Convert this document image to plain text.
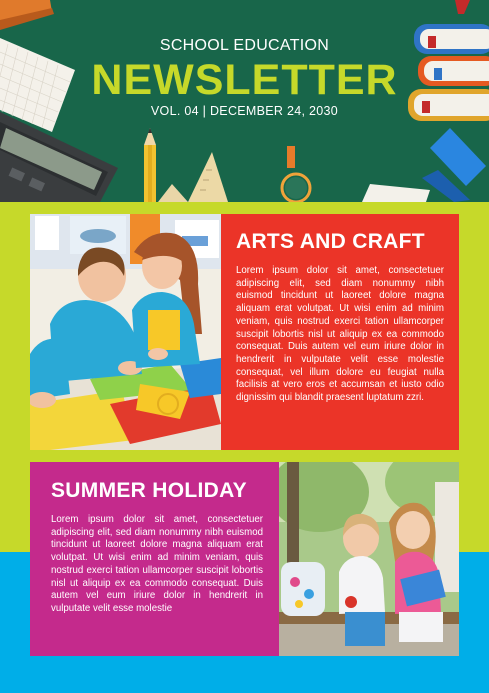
SCHOOL EDUCATION
NEWSLETTER
VOL. 04 | DECEMBER 24, 2030
ARTS AND CRAFT

Lorem ipsum dolor sit amet, consectetuer adipiscing elit, sed diam nonummy nibh euismod tincidunt ut laoreet dolore magna aliquam erat volutpat. Ut wisi enim ad minim veniam, quis nostrud exerci tation ullamcorper suscipit lobortis nisl ut aliquip ex ea commodo consequat. Duis autem vel eum iriure dolor in hendrerit in vulputate velit esse molestie consequat, vel illum dolore eu feugiat nulla facilisis at vero eros et accumsan et iusto odio dignissim qui blandit praesent luptatum zzri.

SUMMER HOLIDAY

Lorem ipsum dolor sit amet, consectetuer adipiscing elit, sed diam nonummy nibh euismod tincidunt ut laoreet dolore magna aliquam erat volutpat. Ut wisi enim ad minim veniam, quis nostrud exerci tation ullamcorper suscipit lobortis nisl ut aliquip ex ea commodo consequat. Duis autem vel eum iriure dolor in hendrerit in vulputate velit esse molestie
